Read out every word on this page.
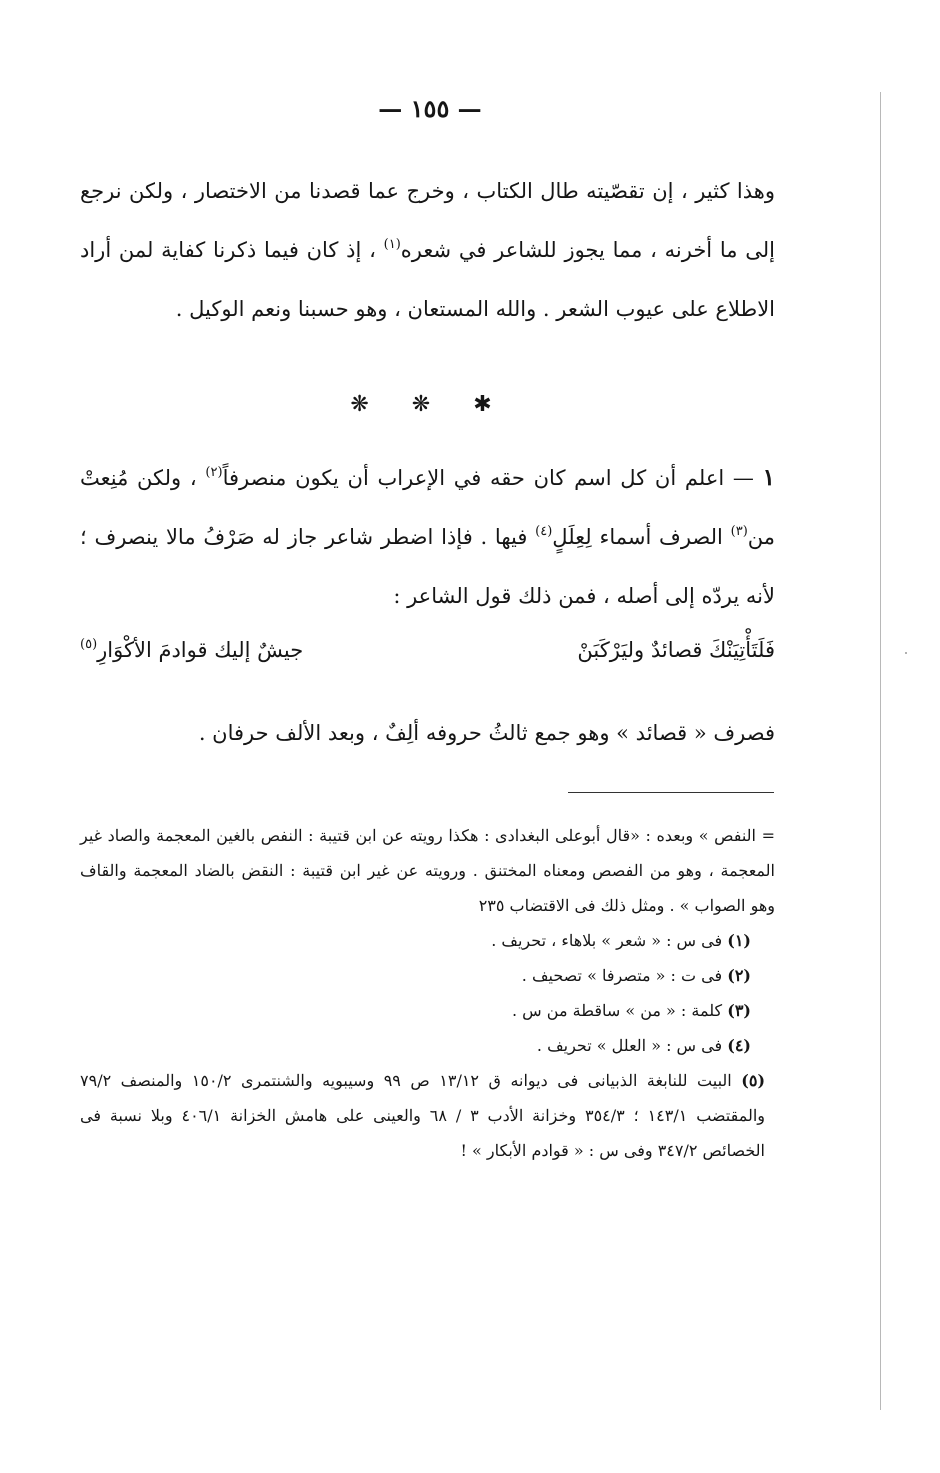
— ١٥٥ —

وهذا كثير ، إن تقصّيته طال الكتاب ، وخرج عما قصدنا من الاختصار ، ولكن نرجع إلى ما أخرنه ، مما يجوز للشاعر في شعره$^{(١)}$ ، إذ كان فيما ذكرنا كفاية لمن أراد الاطلاع على عيوب الشعر . والله المستعان ، وهو حسبنا ونعم الوكيل .

❋ ❋ ✱

١ — اعلم أن كل اسم كان حقه في الإعراب أن يكون منصرفاً$^{(٢)}$ ، ولكن مُنِعتْ من$^{(٣)}$ الصرف أسماء لِعِلَلٍ$^{(٤)}$ فيها . فإذا اضطر شاعر جاز له صَرْفُ مالا ينصرف ؛ لأنه يردّه إلى أصله ، فمن ذلك قول الشاعر :

فَلَتَأْتِيَنْكَ قصائدٌ وليَرْكَبَنْ
جيشٌ إليك قوادمَ الأكْوَارِ$^{(٥)}$
فصرف « قصائد » وهو جمع ثالثُ حروفه ألِفٌ ، وبعد الألف حرفان .

= النفص » وبعده : «قال أبوعلى البغدادى : هكذا رويته عن ابن قتيبة : النفص بالغين المعجمة والصاد غير المعجمة ، وهو من الفصص ومعناه المختنق . ورويته عن غير ابن قتيبة : النقض بالضاد المعجمة والقاف وهو الصواب » . ومثل ذلك فى الاقتضاب ٢٣٥

(١) فى س : « شعر » بلاهاء ، تحريف .

(٢) فى ت : « متصرفا » تصحيف .

(٣) كلمة : « من » ساقطة من س .

(٤) فى س : « العلل » تحريف .

(٥) البيت للنابغة الذبيانى فى ديوانه ق ١٣/١٢ ص ٩٩ وسيبويه والشنتمرى ١٥٠/٢ والمنصف ٧٩/٢ والمقتضب ١٤٣/١ ؛ ٣٥٤/٣ وخزانة الأدب ٣ / ٦٨ والعينى على هامش الخزانة ٤٠٦/١ وبلا نسبة فى الخصائص ٣٤٧/٢ وفى س : « قوادم الأبكار » !
